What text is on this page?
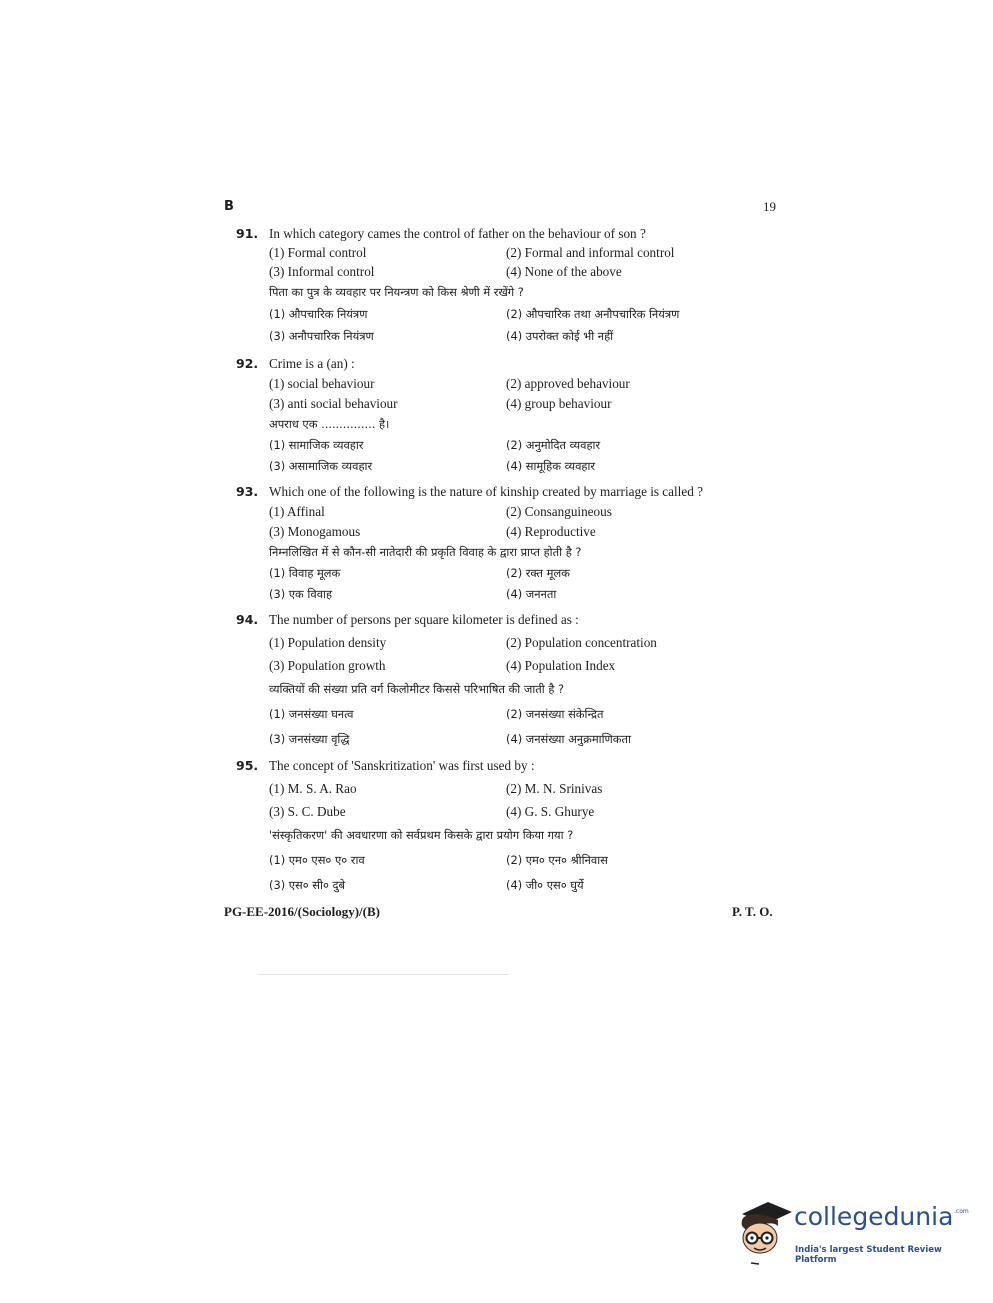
B	19
91. In which category cames the control of father on the behaviour of son ?
(1) Formal control	(2) Formal and informal control
(3) Informal control	(4) None of the above
पिता का पुत्र के व्यवहार पर नियन्त्रण को किस श्रेणी में रखेंगे ?
(1) औपचारिक नियंत्रण	(2) औपचारिक तथा अनौपचारिक नियंत्रण
(3) अनौपचारिक नियंत्रण	(4) उपरोक्त कोई भी नहीं
92. Crime is a (an) :
(1) social behaviour	(2) approved behaviour
(3) anti social behaviour	(4) group behaviour
अपराध एक ............... है।
(1) सामाजिक व्यवहार	(2) अनुमोदित व्यवहार
(3) असामाजिक व्यवहार	(4) सामूहिक व्यवहार
93. Which one of the following is the nature of kinship created by marriage is called ?
(1) Affinal	(2) Consanguineous
(3) Monogamous	(4) Reproductive
निम्नलिखित में से कौन-सी नातेदारी की प्रकृति विवाह के द्वारा प्राप्त होती है ?
(1) विवाह मूलक	(2) रक्त मूलक
(3) एक विवाह	(4) जननता
94. The number of persons per square kilometer is defined as :
(1) Population density	(2) Population concentration
(3) Population growth	(4) Population Index
व्यक्तियों की संख्या प्रति वर्ग किलोमीटर किससे परिभाषित की जाती है ?
(1) जनसंख्या घनत्व	(2) जनसंख्या संकेन्द्रित
(3) जनसंख्या वृद्धि	(4) जनसंख्या अनुक्रमाणिकता
95. The concept of 'Sanskritization' was first used by :
(1) M. S. A. Rao	(2) M. N. Srinivas
(3) S. C. Dube	(4) G. S. Ghurye
'संस्कृतिकरण' की अवधारणा को सर्वप्रथम किसके द्वारा प्रयोग किया गया ?
(1) एम० एस० ए० राव	(2) एम० एन० श्रीनिवास
(3) एस० सी० दुबे	(4) जी० एस० घुर्ये
PG-EE-2016/(Sociology)/(B)	P. T. O.
collegedunia .com
India's largest Student Review Platform
